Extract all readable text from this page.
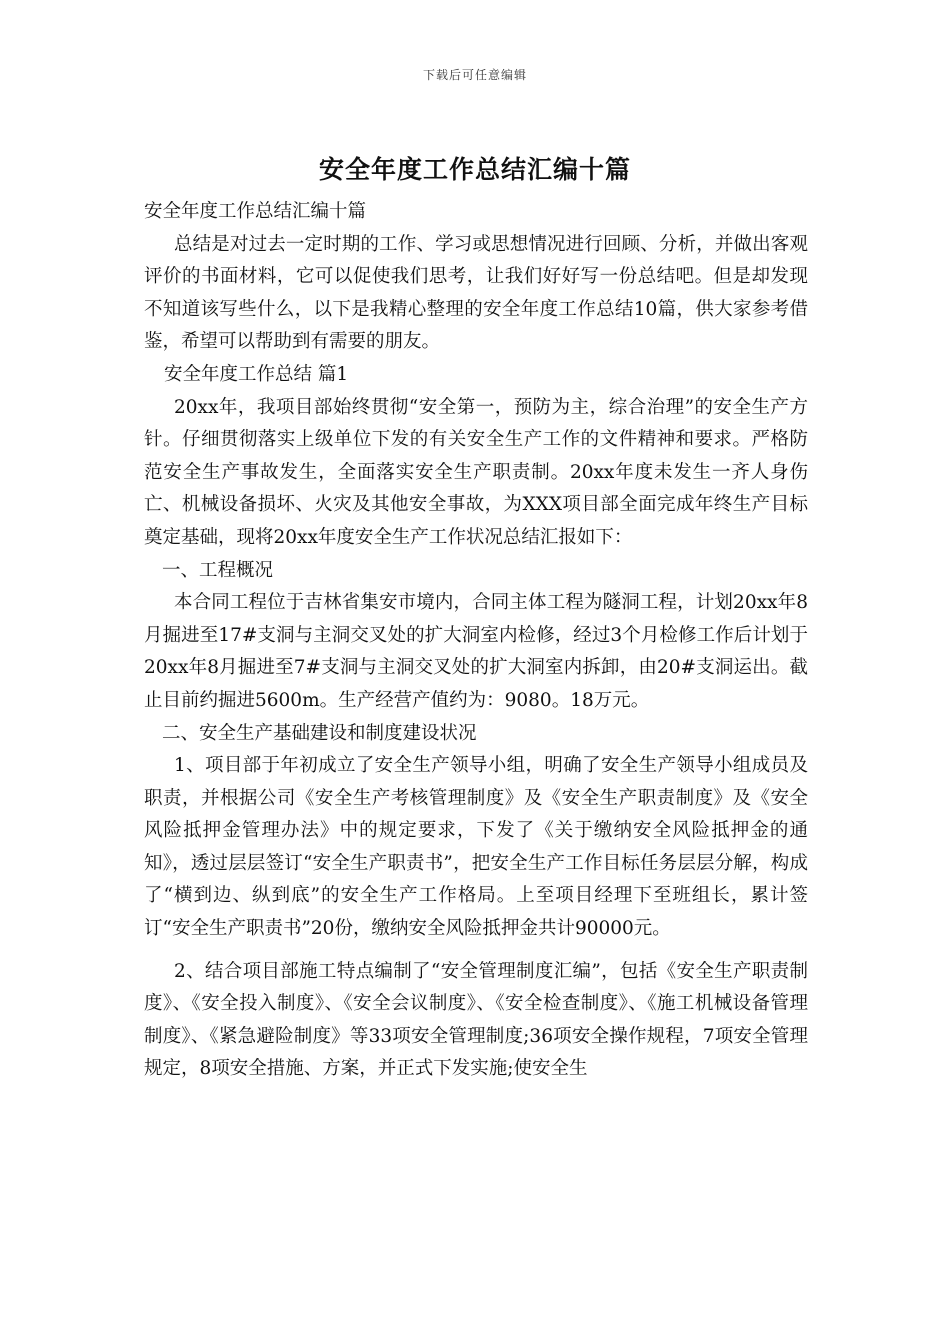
下载后可任意编辑
安全年度工作总结汇编十篇

安全年度工作总结汇编十篇

总结是对过去一定时期的工作、学习或思想情况进行回顾、分析，并做出客观评价的书面材料，它可以促使我们思考，让我们好好写一份总结吧。但是却发现不知道该写些什么，以下是我精心整理的安全年度工作总结10篇，供大家参考借鉴，希望可以帮助到有需要的朋友。

安全年度工作总结 篇1

20xx年，我项目部始终贯彻“安全第一，预防为主，综合治理”的安全生产方针。仔细贯彻落实上级单位下发的有关安全生产工作的文件精神和要求。严格防范安全生产事故发生，全面落实安全生产职责制。20xx年度未发生一齐人身伤亡、机械设备损坏、火灾及其他安全事故，为XXX项目部全面完成年终生产目标奠定基础，现将20xx年度安全生产工作状况总结汇报如下：

一、工程概况

本合同工程位于吉林省集安市境内，合同主体工程为隧洞工程，计划20xx年8月掘进至17#支洞与主洞交叉处的扩大洞室内检修，经过3个月检修工作后计划于20xx年8月掘进至7#支洞与主洞交叉处的扩大洞室内拆卸，由20#支洞运出。截止目前约掘进5600m。生产经营产值约为：9080。18万元。

二、安全生产基础建设和制度建设状况

1、项目部于年初成立了安全生产领导小组，明确了安全生产领导小组成员及职责，并根据公司《安全生产考核管理制度》及《安全生产职责制度》及《安全风险抵押金管理办法》中的规定要求，下发了《关于缴纳安全风险抵押金的通知》，透过层层签订“安全生产职责书”，把安全生产工作目标任务层层分解，构成了“横到边、纵到底”的安全生产工作格局。上至项目经理下至班组长，累计签订“安全生产职责书”20份，缴纳安全风险抵押金共计90000元。

2、结合项目部施工特点编制了“安全管理制度汇编”，包括《安全生产职责制度》、《安全投入制度》、《安全会议制度》、《安全检查制度》、《施工机械设备管理制度》、《紧急避险制度》等33项安全管理制度;36项安全操作规程，7项安全管理规定，8项安全措施、方案，并正式下发实施;使安全生
